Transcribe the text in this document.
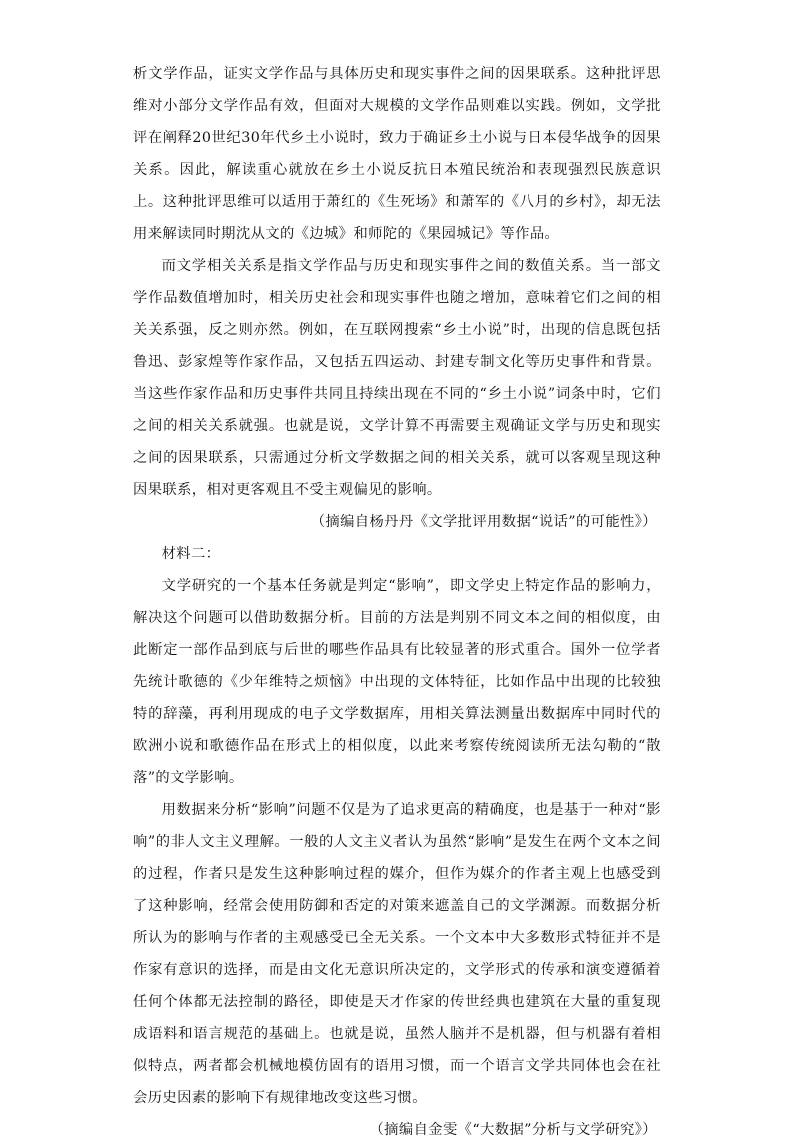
析文学作品，证实文学作品与具体历史和现实事件之间的因果联系。这种批评思维对小部分文学作品有效，但面对大规模的文学作品则难以实践。例如，文学批评在阐释20世纪30年代乡土小说时，致力于确证乡土小说与日本侵华战争的因果关系。因此，解读重心就放在乡土小说反抗日本殖民统治和表现强烈民族意识上。这种批评思维可以适用于萧红的《生死场》和萧军的《八月的乡村》，却无法用来解读同时期沈从文的《边城》和师陀的《果园城记》等作品。

而文学相关关系是指文学作品与历史和现实事件之间的数值关系。当一部文学作品数值增加时，相关历史社会和现实事件也随之增加，意味着它们之间的相关关系强，反之则亦然。例如，在互联网搜索“乡土小说”时，出现的信息既包括鲁迅、彭家煌等作家作品，又包括五四运动、封建专制文化等历史事件和背景。当这些作家作品和历史事件共同且持续出现在不同的“乡土小说”词条中时，它们之间的相关关系就强。也就是说，文学计算不再需要主观确证文学与历史和现实之间的因果联系，只需通过分析文学数据之间的相关关系，就可以客观呈现这种因果联系，相对更客观且不受主观偏见的影响。

（摘编自杨丹丹《文学批评用数据“说话”的可能性》）

材料二：

文学研究的一个基本任务就是判定“影响”，即文学史上特定作品的影响力，解决这个问题可以借助数据分析。目前的方法是判别不同文本之间的相似度，由此断定一部作品到底与后世的哪些作品具有比较显著的形式重合。国外一位学者先统计歌德的《少年维特之烦恼》中出现的文体特征，比如作品中出现的比较独特的辞藻，再利用现成的电子文学数据库，用相关算法测量出数据库中同时代的欧洲小说和歌德作品在形式上的相似度，以此来考察传统阅读所无法勾勒的“散落”的文学影响。

用数据来分析“影响”问题不仅是为了追求更高的精确度，也是基于一种对“影响”的非人文主义理解。一般的人文主义者认为虽然“影响”是发生在两个文本之间的过程，作者只是发生这种影响过程的媒介，但作为媒介的作者主观上也感受到了这种影响，经常会使用防御和否定的对策来遮盖自己的文学渊源。而数据分析所认为的影响与作者的主观感受已全无关系。一个文本中大多数形式特征并不是作家有意识的选择，而是由文化无意识所决定的，文学形式的传承和演变遵循着任何个体都无法控制的路径，即使是天才作家的传世经典也建筑在大量的重复现成语料和语言规范的基础上。也就是说，虽然人脑并不是机器，但与机器有着相似特点，两者都会机械地模仿固有的语用习惯，而一个语言文学共同体也会在社会历史因素的影响下有规律地改变这些习惯。

（摘编自金雯《“大数据”分析与文学研究》）
